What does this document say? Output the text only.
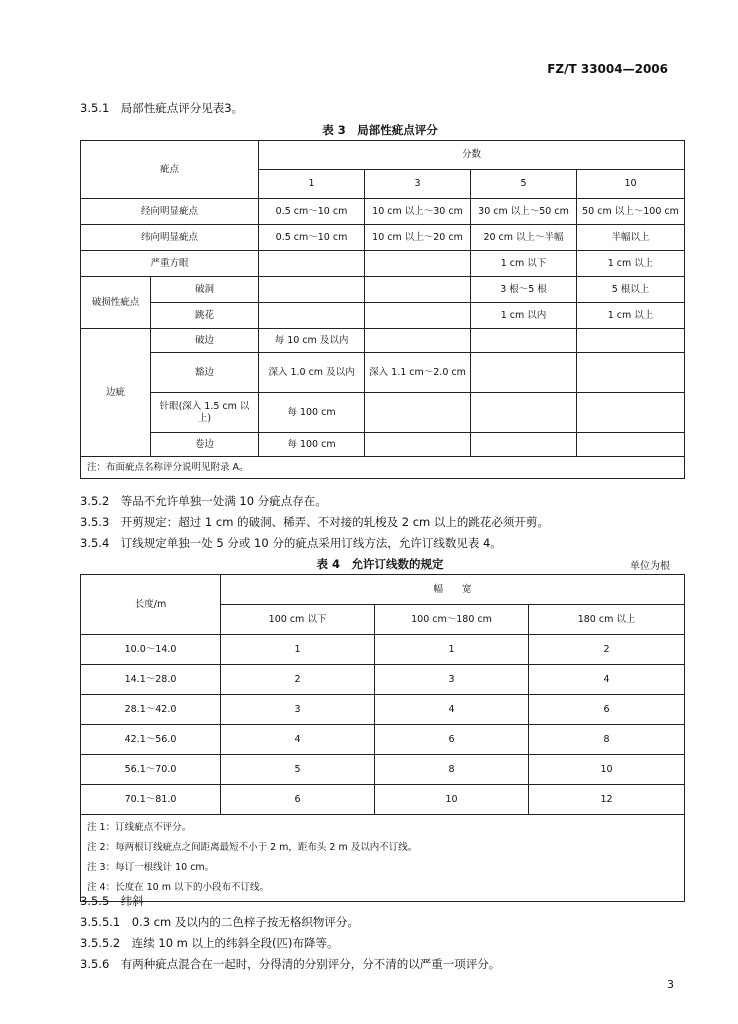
FZ/T 33004—2006
3.5.1　局部性疵点评分见表3。
表 3　局部性疵点评分
疵点		分数			
		1	3	5	10
经向明显疵点		0.5 cm～10 cm	10 cm 以上～30 cm	30 cm 以上～50 cm	50 cm 以上～100 cm
纬向明显疵点		0.5 cm～10 cm	10 cm 以上～20 cm	20 cm 以上～半幅	半幅以上
严重方眼				1 cm 以下	1 cm 以上
破损性疵点	破洞			3 根～5 根	5 根以上
	跳花			1 cm 以内	1 cm 以上
边疵	破边	每 10 cm 及以内			
	豁边	深入 1.0 cm 及以内	深入 1.1 cm～2.0 cm		
	针眼(深入 1.5 cm 以上)	每 100 cm			
	卷边	每 100 cm			
注：布面疵点名称评分说明见附录 A。					
3.5.2　等品不允许单独一处满 10 分疵点存在。
3.5.3　开剪规定：超过 1 cm 的破洞、稀弄、不对接的轧梭及 2 cm 以上的跳花必须开剪。
3.5.4　订线规定单独一处 5 分或 10 分的疵点采用订线方法，允许订线数见表 4。
表 4　允许订线数的规定	单位为根
长度/m	幅　　宽		
	100 cm 以下	100 cm～180 cm	180 cm 以上
10.0～14.0	1	1	2
14.1～28.0	2	3	4
28.1～42.0	3	4	6
42.1～56.0	4	6	8
56.1～70.0	5	8	10
70.1～81.0	6	10	12

注 1：订线疵点不评分。
注 2：每两根订线疵点之间距离最短不小于 2 m，距布头 2 m 及以内不订线。
注 3：每订一根线计 10 cm。
注 4：长度在 10 m 以下的小段布不订线。			
3.5.5　纬斜
3.5.5.1　0.3 cm 及以内的二色梓子按无格织物评分。
3.5.5.2　连续 10 m 以上的纬斜全段(匹)布降等。
3.5.6　有两种疵点混合在一起时，分得清的分别评分，分不清的以严重一项评分。
3
